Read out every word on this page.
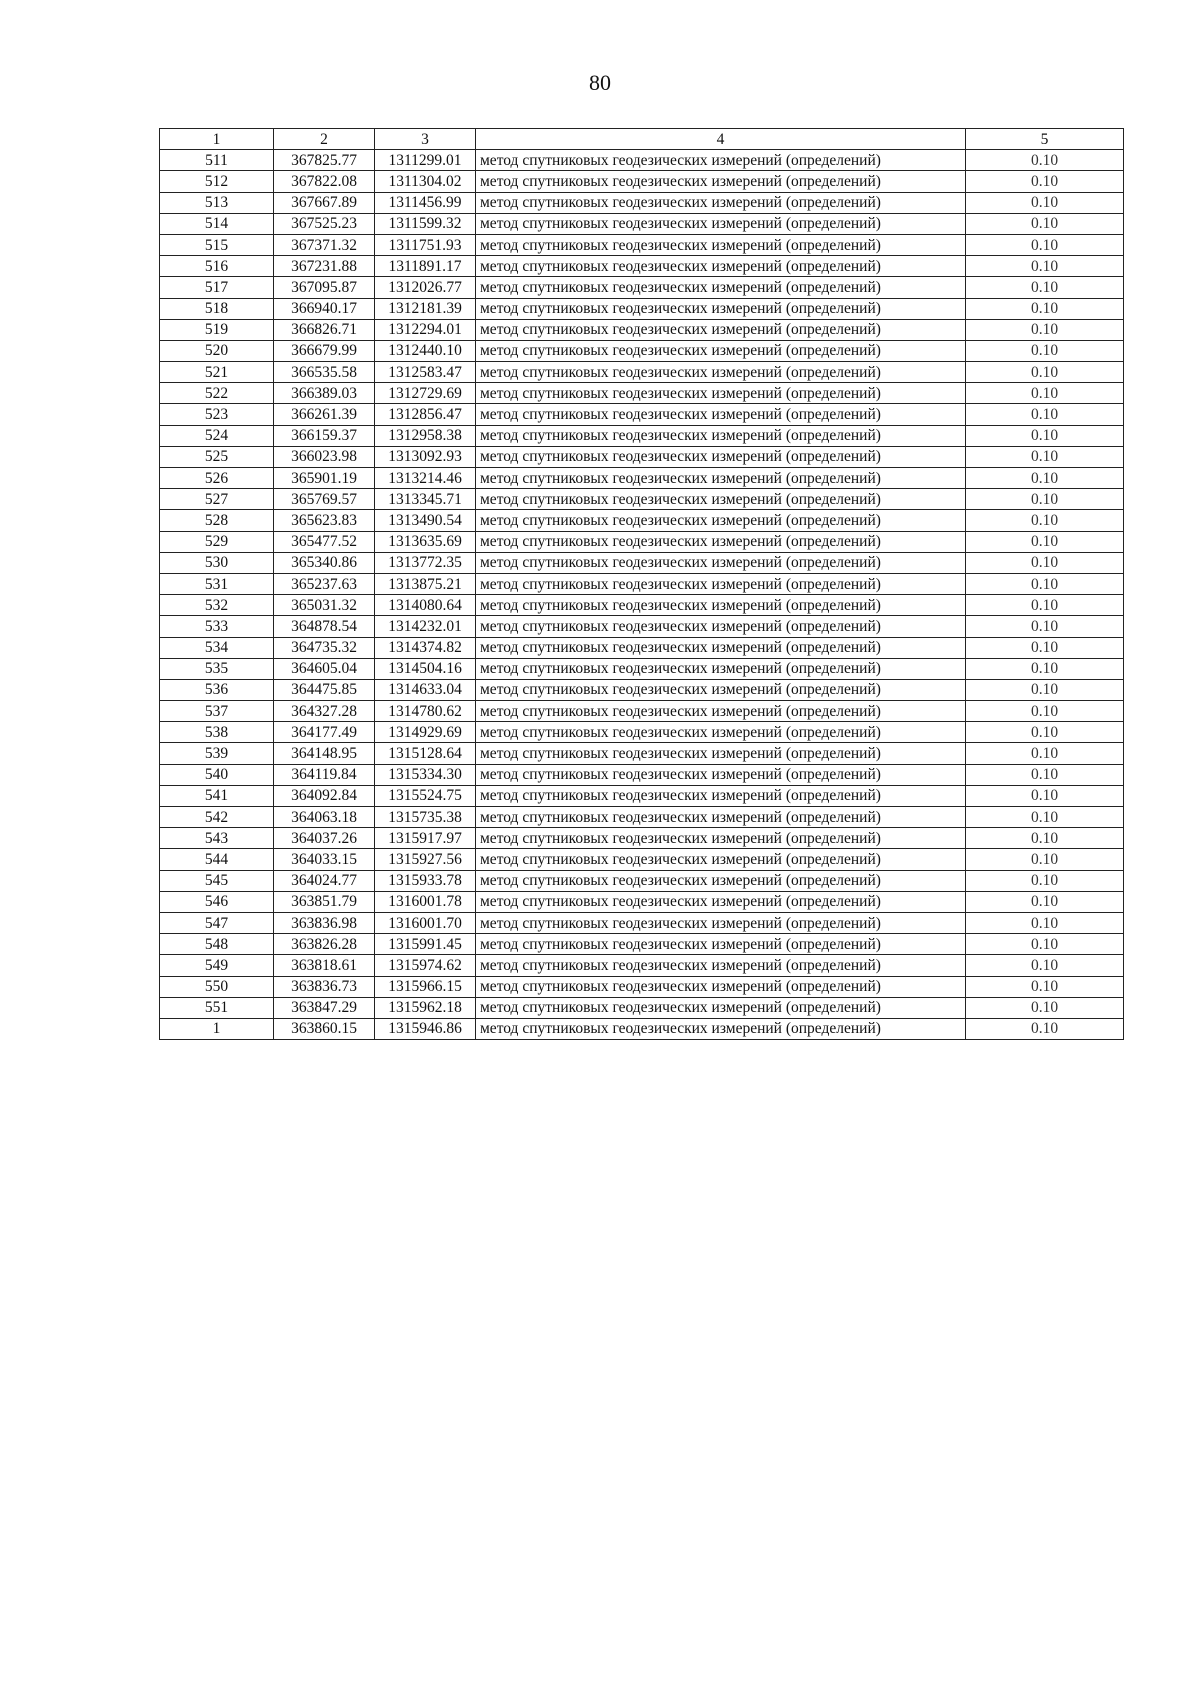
80
1	2	3	4	5
511	367825.77	1311299.01	метод спутниковых геодезических измерений (определений)	0.10
512	367822.08	1311304.02	метод спутниковых геодезических измерений (определений)	0.10
513	367667.89	1311456.99	метод спутниковых геодезических измерений (определений)	0.10
514	367525.23	1311599.32	метод спутниковых геодезических измерений (определений)	0.10
515	367371.32	1311751.93	метод спутниковых геодезических измерений (определений)	0.10
516	367231.88	1311891.17	метод спутниковых геодезических измерений (определений)	0.10
517	367095.87	1312026.77	метод спутниковых геодезических измерений (определений)	0.10
518	366940.17	1312181.39	метод спутниковых геодезических измерений (определений)	0.10
519	366826.71	1312294.01	метод спутниковых геодезических измерений (определений)	0.10
520	366679.99	1312440.10	метод спутниковых геодезических измерений (определений)	0.10
521	366535.58	1312583.47	метод спутниковых геодезических измерений (определений)	0.10
522	366389.03	1312729.69	метод спутниковых геодезических измерений (определений)	0.10
523	366261.39	1312856.47	метод спутниковых геодезических измерений (определений)	0.10
524	366159.37	1312958.38	метод спутниковых геодезических измерений (определений)	0.10
525	366023.98	1313092.93	метод спутниковых геодезических измерений (определений)	0.10
526	365901.19	1313214.46	метод спутниковых геодезических измерений (определений)	0.10
527	365769.57	1313345.71	метод спутниковых геодезических измерений (определений)	0.10
528	365623.83	1313490.54	метод спутниковых геодезических измерений (определений)	0.10
529	365477.52	1313635.69	метод спутниковых геодезических измерений (определений)	0.10
530	365340.86	1313772.35	метод спутниковых геодезических измерений (определений)	0.10
531	365237.63	1313875.21	метод спутниковых геодезических измерений (определений)	0.10
532	365031.32	1314080.64	метод спутниковых геодезических измерений (определений)	0.10
533	364878.54	1314232.01	метод спутниковых геодезических измерений (определений)	0.10
534	364735.32	1314374.82	метод спутниковых геодезических измерений (определений)	0.10
535	364605.04	1314504.16	метод спутниковых геодезических измерений (определений)	0.10
536	364475.85	1314633.04	метод спутниковых геодезических измерений (определений)	0.10
537	364327.28	1314780.62	метод спутниковых геодезических измерений (определений)	0.10
538	364177.49	1314929.69	метод спутниковых геодезических измерений (определений)	0.10
539	364148.95	1315128.64	метод спутниковых геодезических измерений (определений)	0.10
540	364119.84	1315334.30	метод спутниковых геодезических измерений (определений)	0.10
541	364092.84	1315524.75	метод спутниковых геодезических измерений (определений)	0.10
542	364063.18	1315735.38	метод спутниковых геодезических измерений (определений)	0.10
543	364037.26	1315917.97	метод спутниковых геодезических измерений (определений)	0.10
544	364033.15	1315927.56	метод спутниковых геодезических измерений (определений)	0.10
545	364024.77	1315933.78	метод спутниковых геодезических измерений (определений)	0.10
546	363851.79	1316001.78	метод спутниковых геодезических измерений (определений)	0.10
547	363836.98	1316001.70	метод спутниковых геодезических измерений (определений)	0.10
548	363826.28	1315991.45	метод спутниковых геодезических измерений (определений)	0.10
549	363818.61	1315974.62	метод спутниковых геодезических измерений (определений)	0.10
550	363836.73	1315966.15	метод спутниковых геодезических измерений (определений)	0.10
551	363847.29	1315962.18	метод спутниковых геодезических измерений (определений)	0.10
1	363860.15	1315946.86	метод спутниковых геодезических измерений (определений)	0.10
